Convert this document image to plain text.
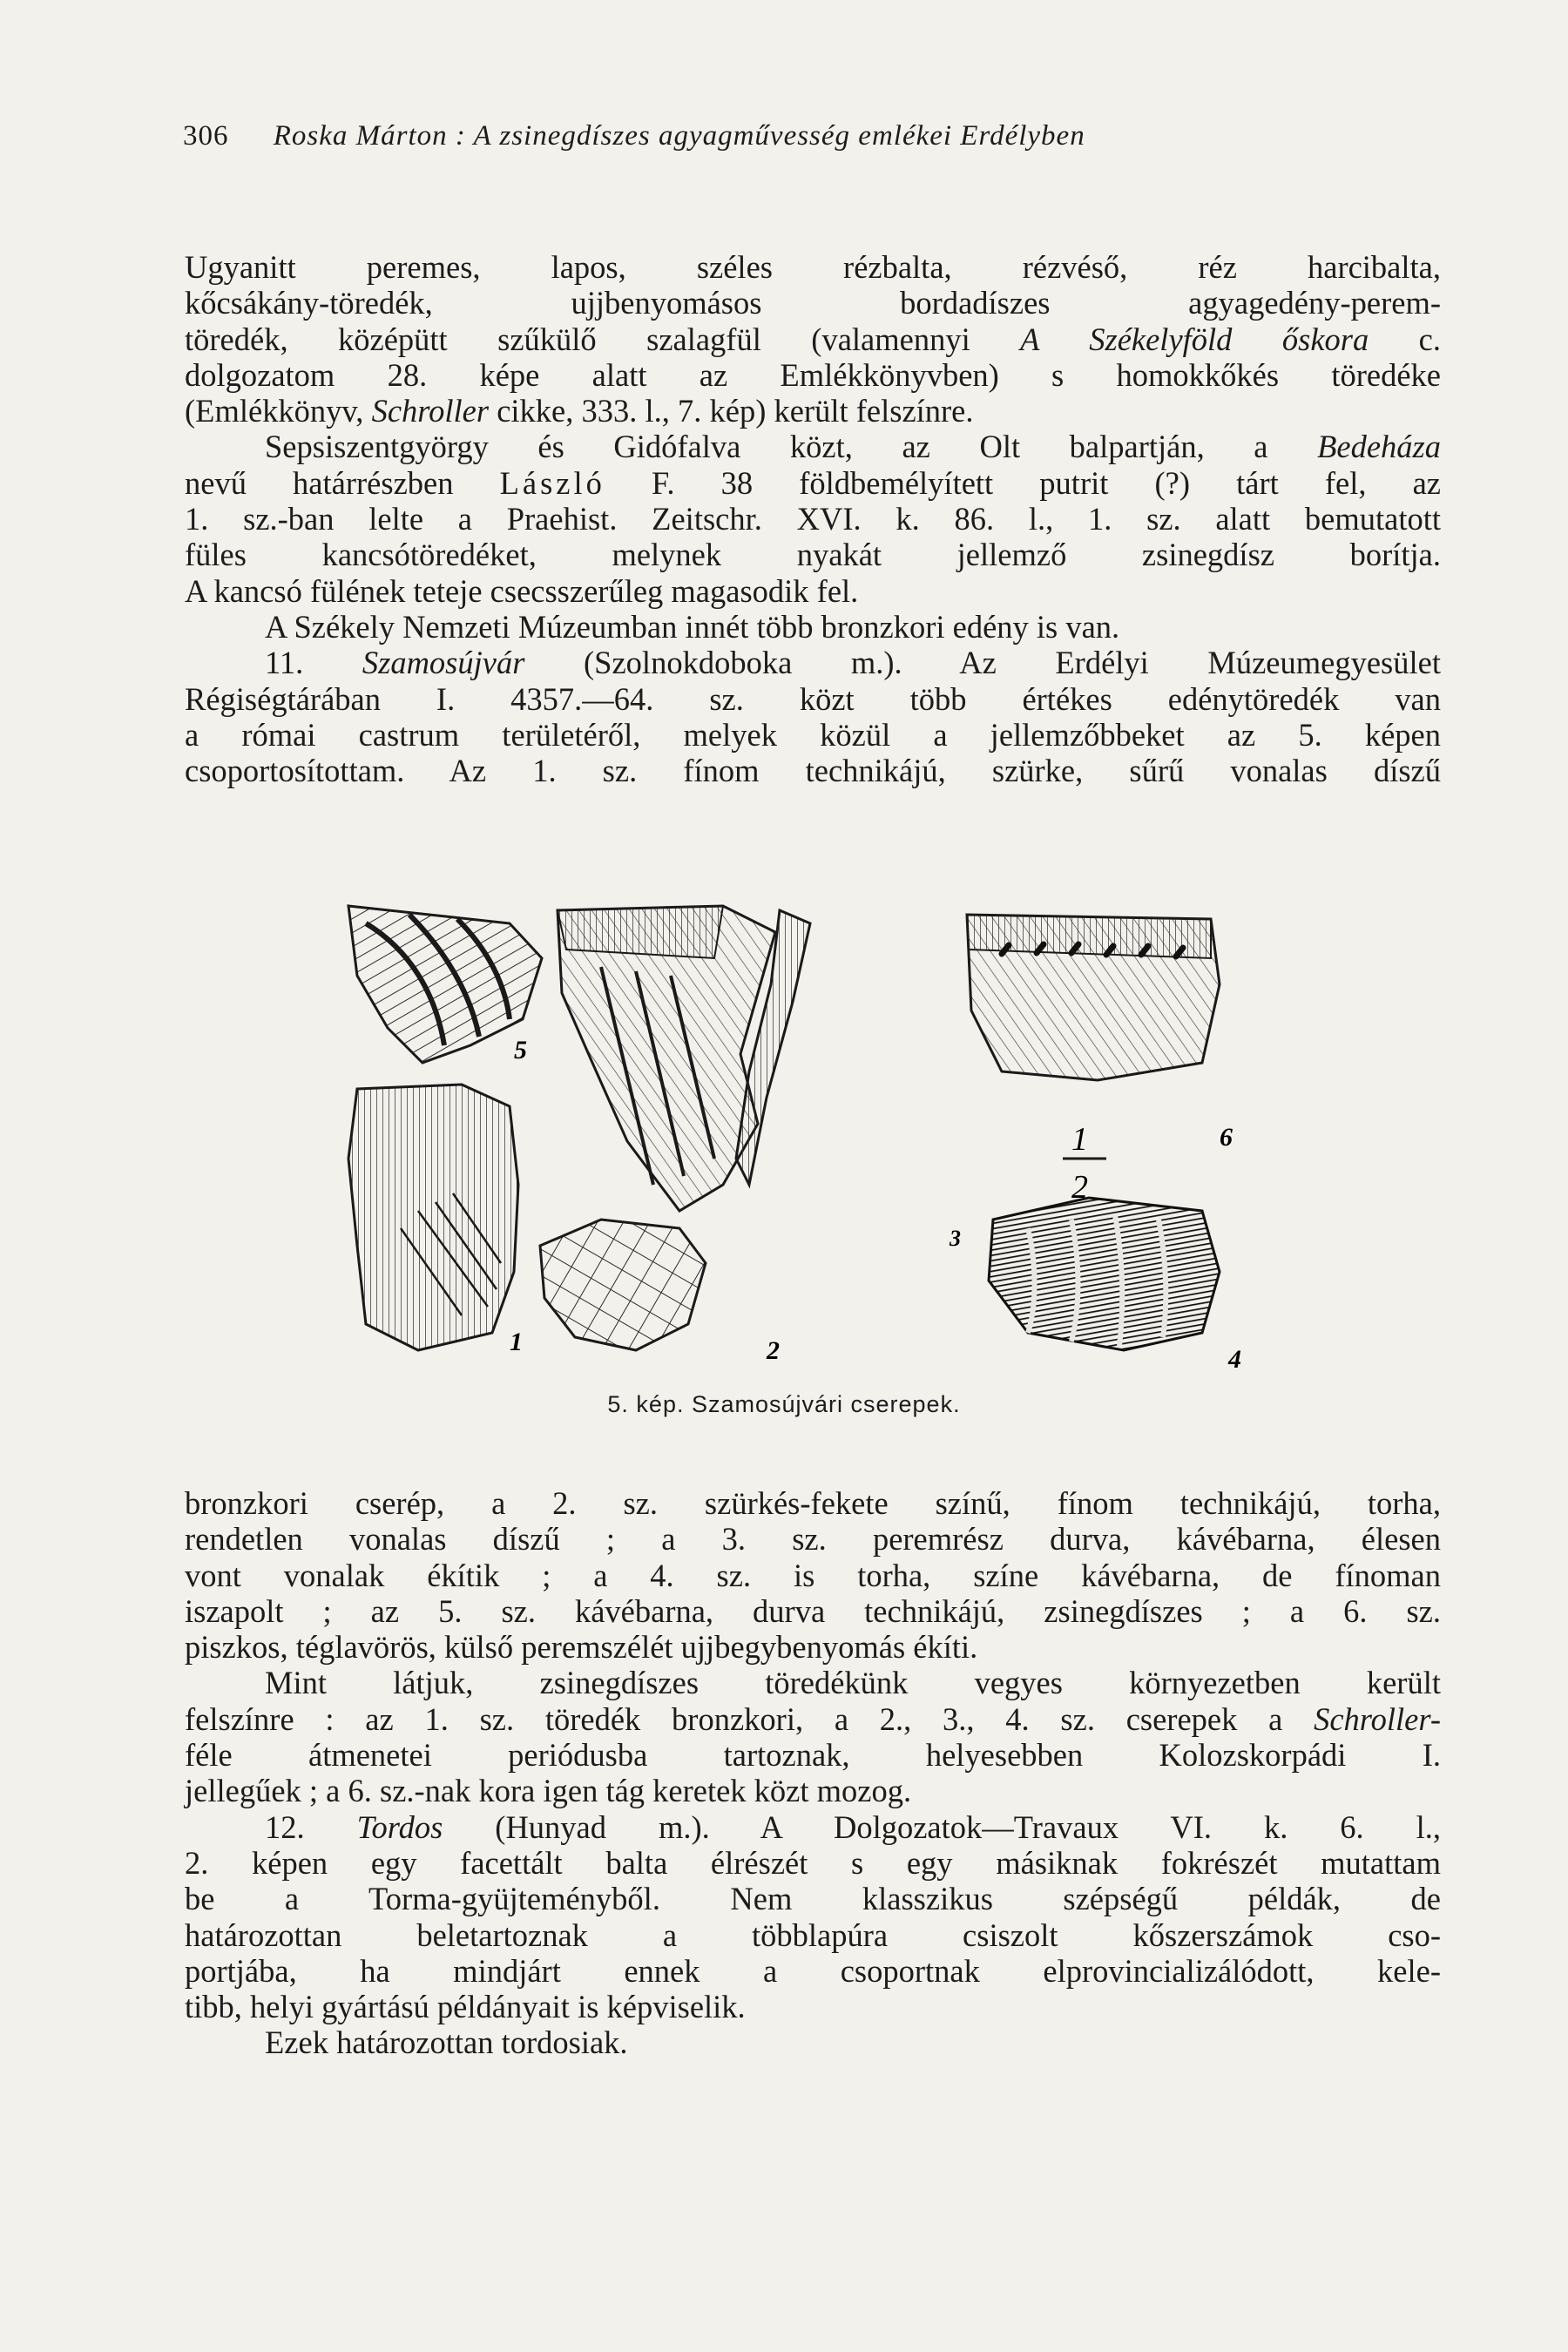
306 Roska Márton : A zsinegdíszes agyagművesség emlékei Erdélyben

Ugyanitt peremes, lapos, széles rézbalta, rézvéső, réz harcibalta,

kőcsákány-töredék, ujjbenyomásos bordadíszes agyagedény-perem-

töredék, középütt szűkülő szalagfül (valamennyi A Székelyföld őskora c.

dolgozatom 28. képe alatt az Emlékkönyvben) s homokkőkés töredéke

(Emlékkönyv, Schroller cikke, 333. l., 7. kép) került felszínre.

Sepsiszentgyörgy és Gidófalva közt, az Olt balpartján, a Bedeháza

nevű határrészben László F. 38 földbemélyített putrit (?) tárt fel, az

1. sz.-ban lelte a Praehist. Zeitschr. XVI. k. 86. l., 1. sz. alatt bemutatott

füles kancsótöredéket, melynek nyakát jellemző zsinegdísz borítja.

A kancsó fülének teteje csecsszerűleg magasodik fel.

A Székely Nemzeti Múzeumban innét több bronzkori edény is van.

11. Szamosújvár (Szolnokdoboka m.). Az Erdélyi Múzeumegyesület

Régiségtárában I. 4357.—64. sz. közt több értékes edénytöredék van

a római castrum területéről, melyek közül a jellemzőbbeket az 5. képen

csoportosítottam. Az 1. sz. fínom technikájú, szürke, sűrű vonalas díszű

5
1	2
3
1
2
6
4
5. kép. Szamosújvári cserepek.

bronzkori cserép, a 2. sz. szürkés-fekete színű, fínom technikájú, torha,

rendetlen vonalas díszű ; a 3. sz. peremrész durva, kávébarna, élesen

vont vonalak ékítik ; a 4. sz. is torha, színe kávébarna, de fínoman

iszapolt ; az 5. sz. kávébarna, durva technikájú, zsinegdíszes ; a 6. sz.

piszkos, téglavörös, külső peremszélét ujjbegybenyomás ékíti.

Mint látjuk, zsinegdíszes töredékünk vegyes környezetben került

felszínre : az 1. sz. töredék bronzkori, a 2., 3., 4. sz. cserepek a Schroller-

féle átmenetei periódusba tartoznak, helyesebben Kolozskorpádi I.

jellegűek ; a 6. sz.-nak kora igen tág keretek közt mozog.

12. Tordos (Hunyad m.). A Dolgozatok—Travaux VI. k. 6. l.,

2. képen egy facettált balta élrészét s egy másiknak fokrészét mutattam

be a Torma-gyüjteményből. Nem klasszikus szépségű példák, de

határozottan beletartoznak a többlapúra csiszolt kőszerszámok cso-

portjába, ha mindjárt ennek a csoportnak elprovincializálódott, kele-

tibb, helyi gyártású példányait is képviselik.

Ezek határozottan tordosiak.
